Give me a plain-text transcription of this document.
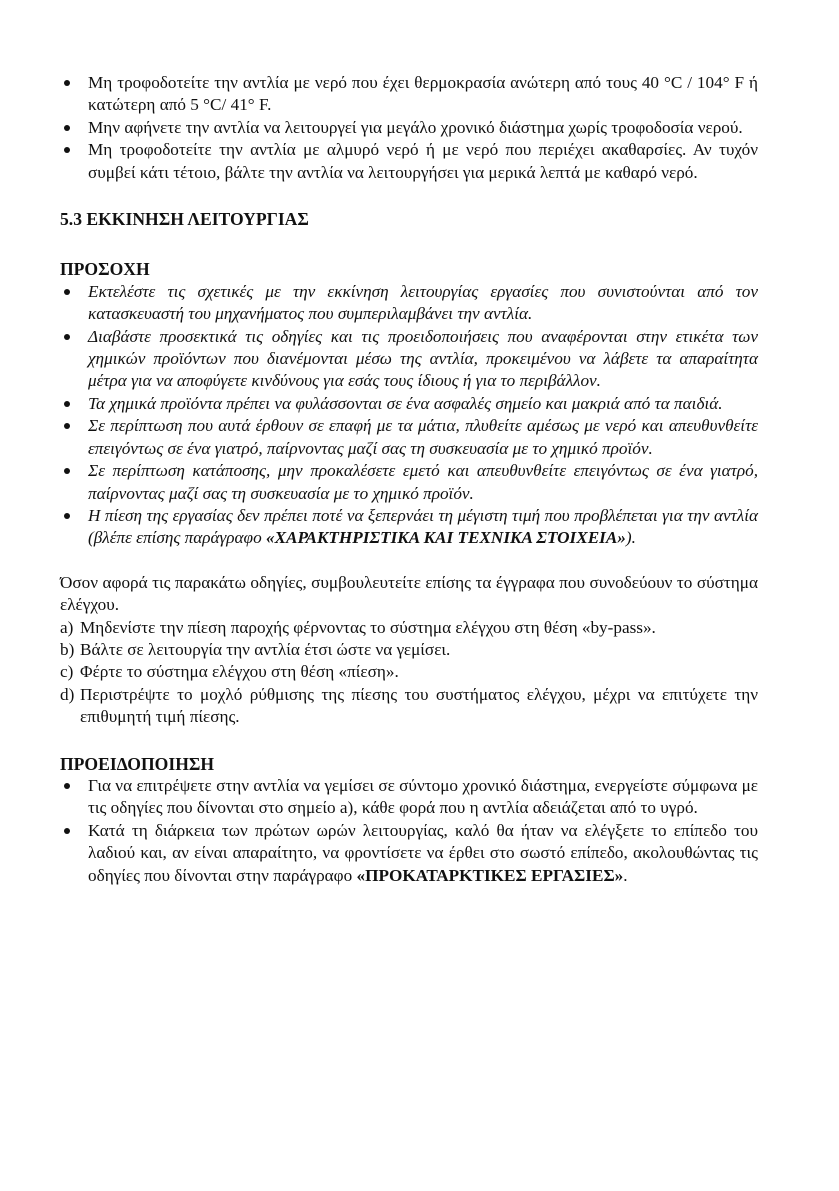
Μη τροφοδοτείτε την αντλία με νερό που έχει θερμοκρασία ανώτερη από τους 40 °C / 104° F ή κατώτερη από 5 °C/ 41° F.
Μην αφήνετε την αντλία να λειτουργεί για μεγάλο χρονικό διάστημα χωρίς τροφοδοσία νερού.
Μη τροφοδοτείτε την αντλία με αλμυρό νερό ή με νερό που περιέχει ακαθαρσίες. Αν τυχόν συμβεί κάτι τέτοιο, βάλτε την αντλία να λειτουργήσει για μερικά λεπτά με καθαρό νερό.
5.3 ΕΚΚΙΝΗΣΗ ΛΕΙΤΟΥΡΓΙΑΣ
ΠΡΟΣΟΧΗ
Εκτελέστε τις σχετικές με την εκκίνηση λειτουργίας εργασίες που συνιστούνται από τον κατασκευαστή του μηχανήματος που συμπεριλαμβάνει την αντλία.
Διαβάστε προσεκτικά τις οδηγίες και τις προειδοποιήσεις που αναφέρονται στην ετικέτα των χημικών προϊόντων που διανέμονται μέσω της αντλία, προκειμένου να λάβετε τα απαραίτητα μέτρα για να αποφύγετε κινδύνους για εσάς τους ίδιους ή για το περιβάλλον.
Τα χημικά προϊόντα πρέπει να φυλάσσονται σε ένα ασφαλές σημείο και μακριά από τα παιδιά.
Σε περίπτωση που αυτά έρθουν σε επαφή με τα μάτια, πλυθείτε αμέσως με νερό και απευθυνθείτε επειγόντως σε ένα γιατρό, παίρνοντας μαζί σας τη συσκευασία με το χημικό προϊόν.
Σε περίπτωση κατάποσης, μην προκαλέσετε εμετό και απευθυνθείτε επειγόντως σε ένα γιατρό, παίρνοντας μαζί σας τη συσκευασία με το χημικό προϊόν.
Η πίεση της εργασίας δεν πρέπει ποτέ να ξεπερνάει τη μέγιστη τιμή που προβλέπεται για την αντλία (βλέπε επίσης παράγραφο «ΧΑΡΑΚΤΗΡΙΣΤΙΚΑ ΚΑΙ ΤΕΧΝΙΚΑ ΣΤΟΙΧΕΙΑ»).

Όσον αφορά τις παρακάτω οδηγίες, συμβουλευτείτε επίσης τα έγγραφα που συνοδεύουν το σύστημα ελέγχου.

a) Μηδενίστε την πίεση παροχής φέρνοντας το σύστημα ελέγχου στη θέση «by-pass».
b) Βάλτε σε λειτουργία την αντλία έτσι ώστε να γεμίσει.
c) Φέρτε το σύστημα ελέγχου στη θέση «πίεση».
d) Περιστρέψτε το μοχλό ρύθμισης της πίεσης του συστήματος ελέγχου, μέχρι να επιτύχετε την επιθυμητή τιμή πίεσης.
ΠΡΟΕΙΔΟΠΟΙΗΣΗ
Για να επιτρέψετε στην αντλία να γεμίσει σε σύντομο χρονικό διάστημα, ενεργείστε σύμφωνα με τις οδηγίες που δίνονται στο σημείο a), κάθε φορά που η αντλία αδειάζεται από το υγρό.
Κατά τη διάρκεια των πρώτων ωρών λειτουργίας, καλό θα ήταν να ελέγξετε το επίπεδο του λαδιού και, αν είναι απαραίτητο, να φροντίσετε να έρθει στο σωστό επίπεδο, ακολουθώντας τις οδηγίες που δίνονται στην παράγραφο «ΠΡΟΚΑΤΑΡΚΤΙΚΕΣ ΕΡΓΑΣΙΕΣ».
